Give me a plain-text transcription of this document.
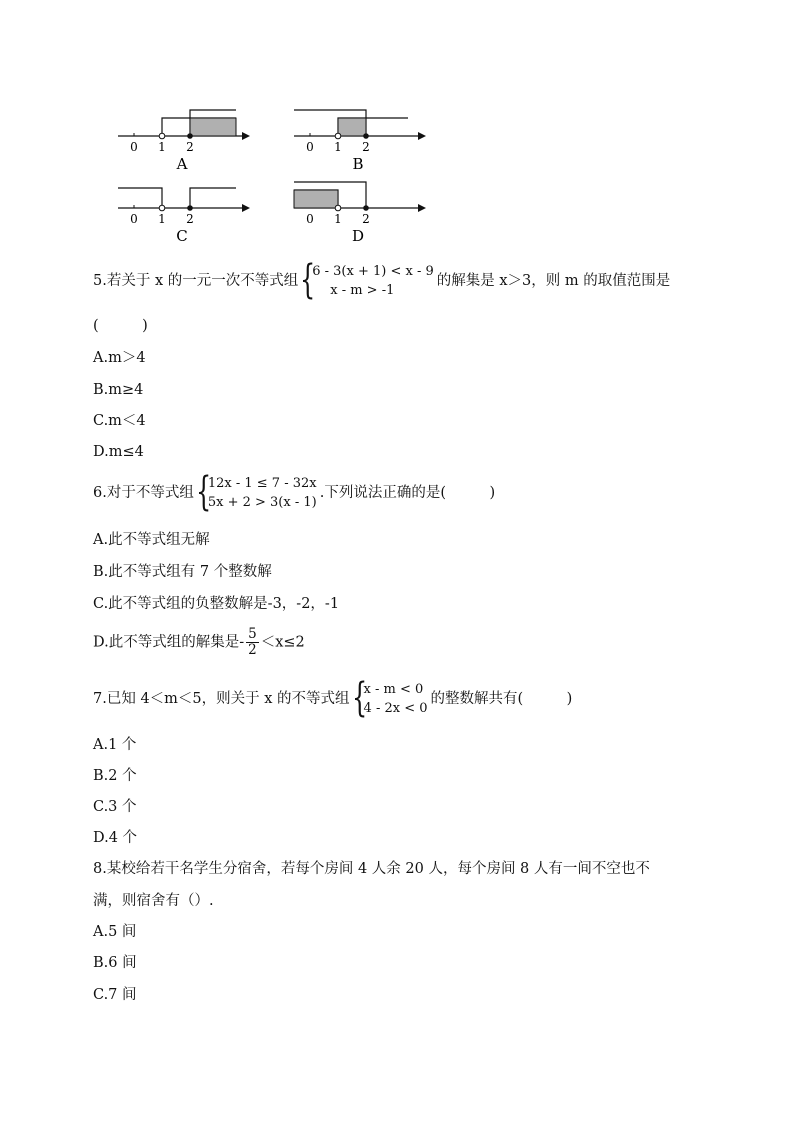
0 1 2
A
0 1 2
B
0 1 2
C
0 1 2
D
5.若关于 x 的一元一次不等式组 {
6 - 3(x + 1) < x - 9
x - m > -1
的解集是 x＞3，则 m 的取值范围是
(　　　)
A.m＞4
B.m≥4
C.m＜4
D.m≤4
6.对于不等式组 {
12x - 1 ≤ 7 - 32x
5x + 2 > 3(x - 1)
.下列说法正确的是(　　　)
A.此不等式组无解
B.此不等式组有 7 个整数解
C.此不等式组的负整数解是-3，-2，-1
D.此不等式组的解集是- $\frac{5}{2} <x\le 2$
7.已知 4＜m＜5，则关于 x 的不等式组 {
x - m < 0
4 - 2x < 0
的整数解共有(　　　)
A.1 个
B.2 个
C.3 个
D.4 个
8.某校给若干名学生分宿舍，若每个房间 4 人余 20 人，每个房间 8 人有一间不空也不
满，则宿舍有（）.
A.5 间
B.6 间
C.7 间
